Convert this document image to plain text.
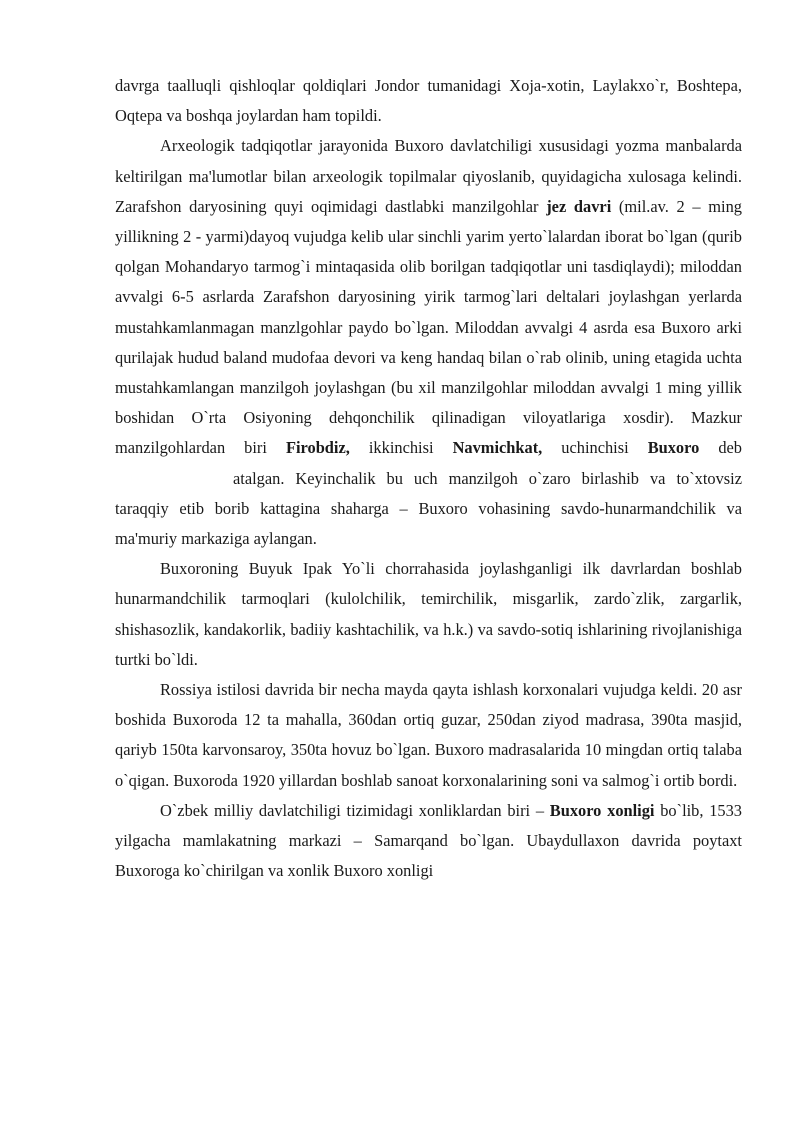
davrga taalluqli qishloqlar qoldiqlari Jondor tumanidagi Xoja-xotin, Laylakxo`r, Boshtepa, Oqtepa va boshqa joylardan ham topildi.

Arxeologik tadqiqotlar jarayonida Buxoro davlatchiligi xususidagi yozma manbalarda keltirilgan ma'lumotlar bilan arxeologik topilmalar qiyoslanib, quyidagicha xulosaga kelindi. Zarafshon daryosining quyi oqimidagi dastlabki manzilgohlar jez davri (mil.av. 2 – ming yillikning 2 - yarmi)dayoq vujudga kelib ular sinchli yarim yerto`lalardan iborat bo`lgan (qurib qolgan Mohandaryo tarmog`i mintaqasida olib borilgan tadqiqotlar uni tasdiqlaydi); miloddan avvalgi 6-5 asrlarda Zarafshon daryosining yirik tarmog`lari deltalari joylashgan yerlarda mustahkamlanmagan manzlgohlar paydo bo`lgan. Miloddan avvalgi 4 asrda esa Buxoro arki qurilajak hudud baland mudofaa devori va keng handaq bilan o`rab olinib, uning etagida uchta mustahkamlangan manzilgoh joylashgan (bu xil manzilgohlar miloddan avvalgi 1 ming yillik boshidan O`rta Osiyoning dehqonchilik qilinadigan viloyatlariga xosdir). Mazkur manzilgohlardan biri Firobdiz, ikkinchisi Navmichkat, uchinchisi Buxoro debatalgan. Keyinchalik bu uch manzilgoh o`zaro birlashib va to`xtovsiz taraqqiy etib borib kattagina shaharga – Buxoro vohasining savdo-hunarmandchilik va ma'muriy markaziga aylangan.

Buxoroning Buyuk Ipak Yo`li chorrahasida joylashganligi ilk davrlardan boshlab hunarmandchilik tarmoqlari (kulolchilik, temirchilik, misgarlik, zardo`zlik, zargarlik, shishasozlik, kandakorlik, badiiy kashtachilik, va h.k.) va savdo-sotiq ishlarining rivojlanishiga turtki bo`ldi.

Rossiya istilosi davrida bir necha mayda qayta ishlash korxonalari vujudga keldi. 20 asr boshida Buxoroda 12 ta mahalla, 360dan ortiq guzar, 250dan ziyod madrasa, 390ta masjid, qariyb 150ta karvonsaroy, 350ta hovuz bo`lgan. Buxoro madrasalarida 10 mingdan ortiq talaba o`qigan. Buxoroda 1920 yillardan boshlab sanoat korxonalarining soni va salmog`i ortib bordi.

O`zbek milliy davlatchiligi tizimidagi xonliklardan biri – Buxoro xonligi bo`lib, 1533 yilgacha mamlakatning markazi – Samarqand bo`lgan. Ubaydullaxon davrida poytaxt Buxoroga ko`chirilgan va xonlik Buxoro xonligi
